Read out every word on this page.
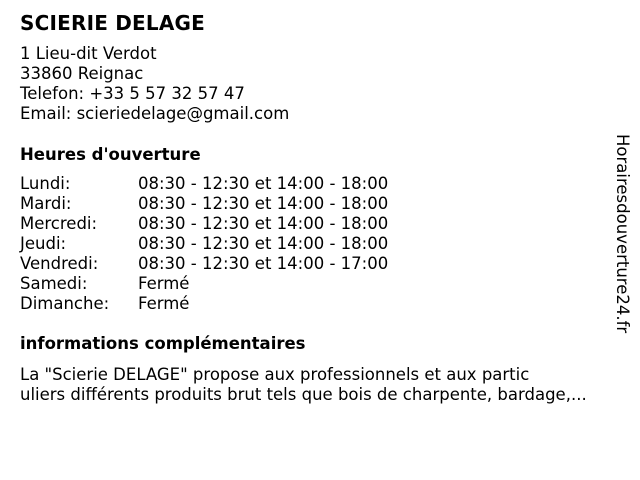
SCIERIE DELAGE
1 Lieu-dit Verdot
33860 Reignac
Telefon: +33 5 57 32 57 47
Email: scieriedelage@gmail.com
Heures d'ouverture
Lundi:	08:30 - 12:30 et 14:00 - 18:00
Mardi:	08:30 - 12:30 et 14:00 - 18:00
Mercredi: 08:30 - 12:30 et 14:00 - 18:00
Jeudi:	08:30 - 12:30 et 14:00 - 18:00
Vendredi: 08:30 - 12:30 et 14:00 - 17:00
Samedi:	Fermé
Dimanche: Fermé
informations complémentaires
La "Scierie DELAGE" propose aux professionnels et aux partic
uliers différents produits brut tels que bois de charpente, bardage,...
Horairesdouverture24.fr
